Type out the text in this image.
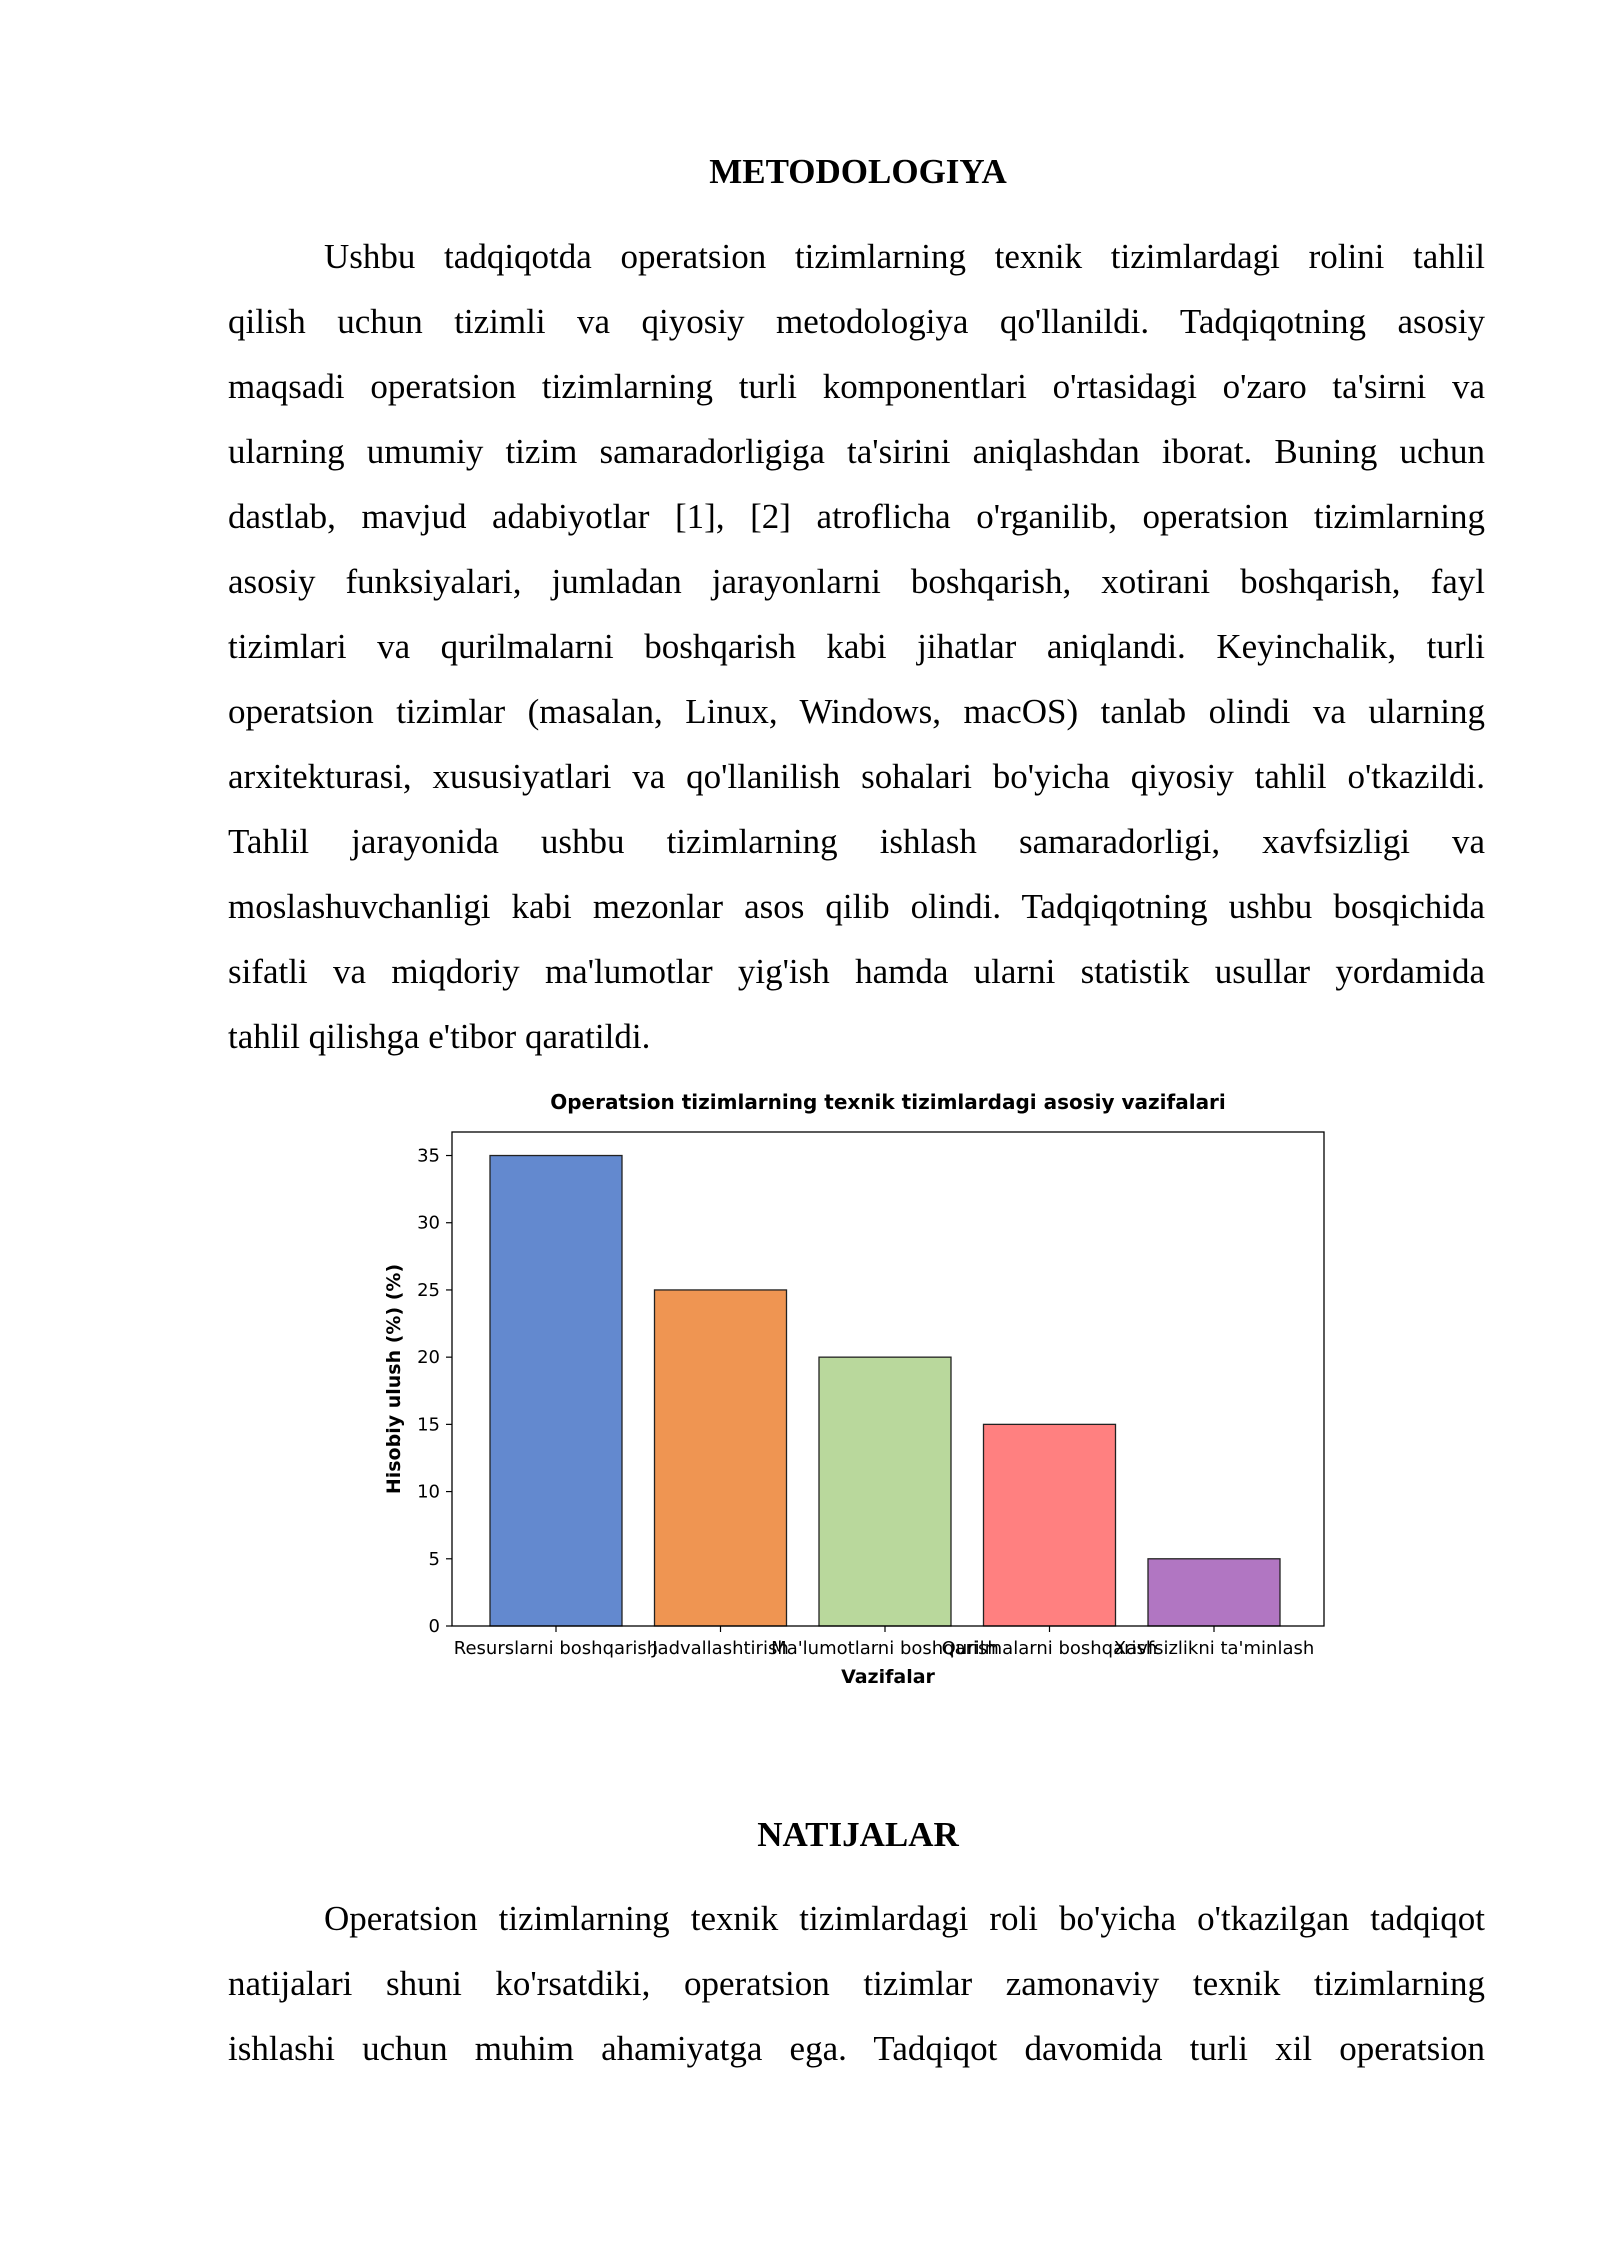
METODOLOGIYA
Ushbu tadqiqotda operatsion tizimlarning texnik tizimlardagi rolini tahlil
qilish uchun tizimli va qiyosiy metodologiya qo'llanildi. Tadqiqotning asosiy
maqsadi operatsion tizimlarning turli komponentlari o'rtasidagi o'zaro ta'sirni va
ularning umumiy tizim samaradorligiga ta'sirini aniqlashdan iborat. Buning uchun
dastlab, mavjud adabiyotlar [1], [2] atroflicha o'rganilib, operatsion tizimlarning
asosiy funksiyalari, jumladan jarayonlarni boshqarish, xotirani boshqarish, fayl
tizimlari va qurilmalarni boshqarish kabi jihatlar aniqlandi. Keyinchalik, turli
operatsion tizimlar (masalan, Linux, Windows, macOS) tanlab olindi va ularning
arxitekturasi, xususiyatlari va qo'llanilish sohalari bo'yicha qiyosiy tahlil o'tkazildi.
Tahlil jarayonida ushbu tizimlarning ishlash samaradorligi, xavfsizligi va
moslashuvchanligi kabi mezonlar asos qilib olindi. Tadqiqotning ushbu bosqichida
sifatli va miqdoriy ma'lumotlar yig'ish hamda ularni statistik usullar yordamida
tahlil qilishga e'tibor qaratildi.
Operatsion tizimlarning texnik tizimlardagi asosiy vazifalari
0
5
10
15
20
25
30
35
Resurslarni boshqarish
Jadvallashtirish
Ma'lumotlarni boshqarish
Qurilmalarni boshqarish
Xavfsizlikni ta'minlash
Vazifalar
Hisobiy ulush (%) (%)
NATIJALAR
Operatsion tizimlarning texnik tizimlardagi roli bo'yicha o'tkazilgan tadqiqot
natijalari shuni ko'rsatdiki, operatsion tizimlar zamonaviy texnik tizimlarning
ishlashi uchun muhim ahamiyatga ega. Tadqiqot davomida turli xil operatsion
